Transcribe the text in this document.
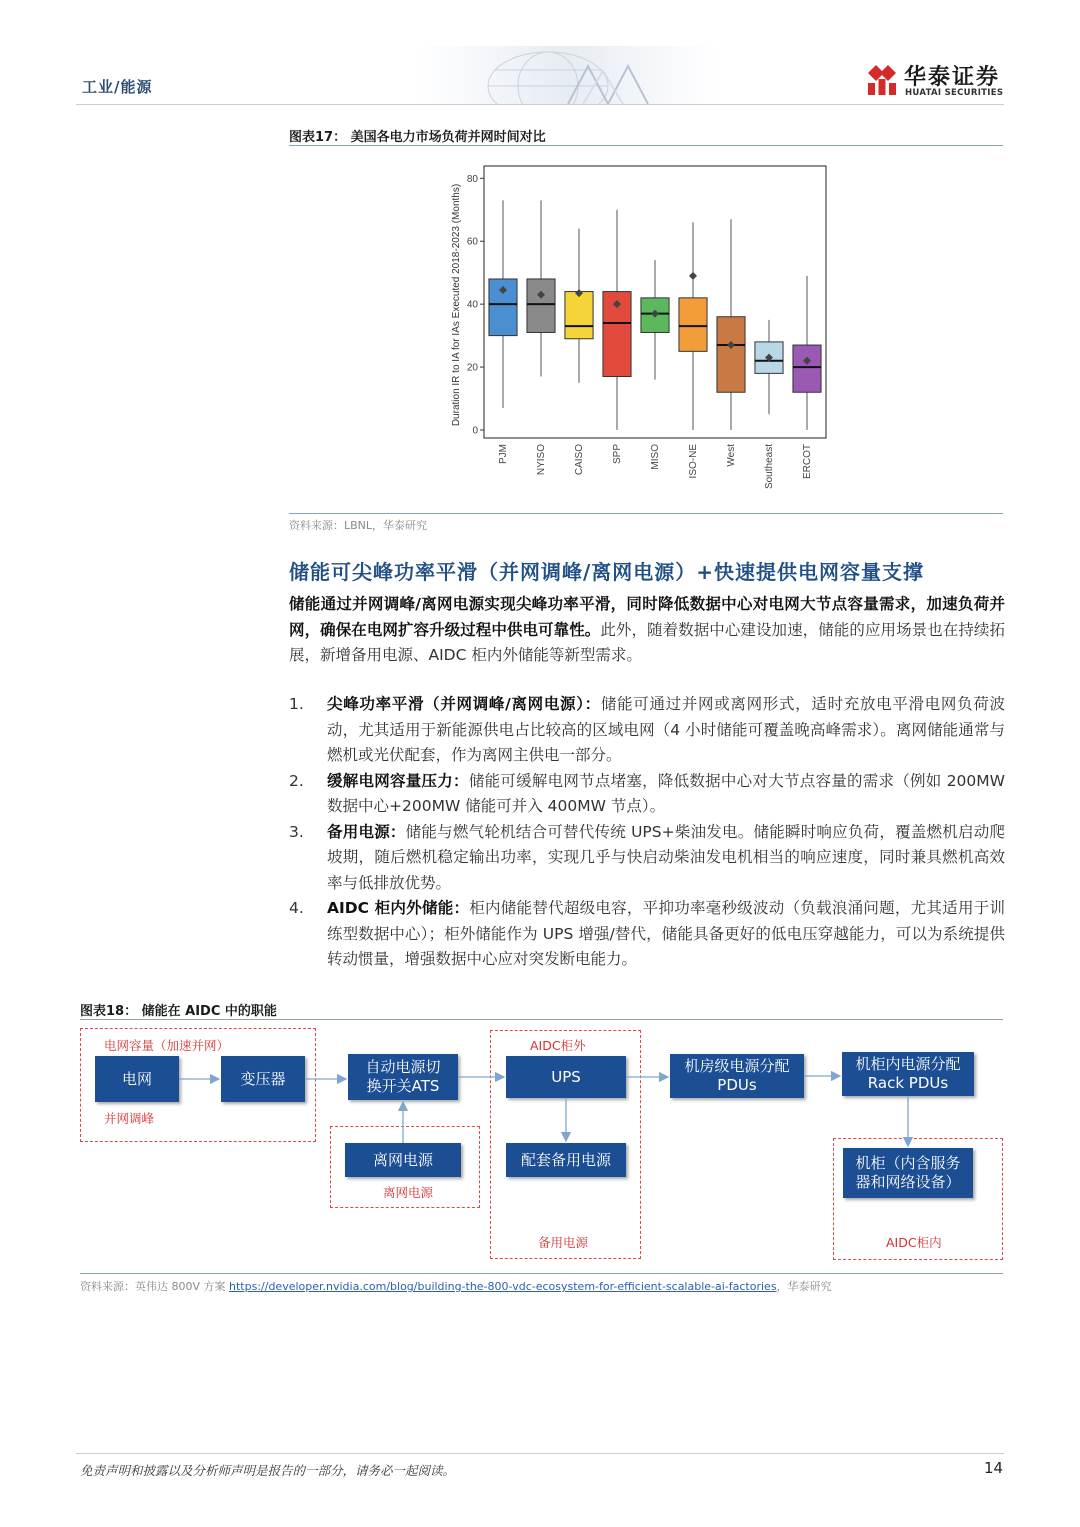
工业/能源	华泰证券
HUATAI SECURITIES
图表17： 美国各电力市场负荷并网时间对比
Duration IR to IA for IAs Executed 2018-2023 (Months)
0
20
40
60
80
PJM	NYISO	CAISO	SPP	MISO	ISO-NE	West	Southeast	ERCOT
资料来源：LBNL，华泰研究
储能可尖峰功率平滑（并网调峰/离网电源）+快速提供电网容量支撑
储能通过并网调峰/离网电源实现尖峰功率平滑，同时降低数据中心对电网大节点容量需求，加速负荷并网，确保在电网扩容升级过程中供电可靠性。此外，随着数据中心建设加速，储能的应用场景也在持续拓展，新增备用电源、AIDC 柜内外储能等新型需求。
1. 尖峰功率平滑（并网调峰/离网电源）：储能可通过并网或离网形式，适时充放电平滑电网负荷波动，尤其适用于新能源供电占比较高的区域电网（4 小时储能可覆盖晚高峰需求）。离网储能通常与燃机或光伏配套，作为离网主供电一部分。
2. 缓解电网容量压力：储能可缓解电网节点堵塞，降低数据中心对大节点容量的需求（例如 200MW 数据中心+200MW 储能可并入 400MW 节点）。
3. 备用电源：储能与燃气轮机结合可替代传统 UPS+柴油发电。储能瞬时响应负荷，覆盖燃机启动爬坡期，随后燃机稳定输出功率，实现几乎与快启动柴油发电机相当的响应速度，同时兼具燃机高效率与低排放优势。
4. AIDC 柜内外储能：柜内储能替代超级电容，平抑功率毫秒级波动（负载浪涌问题，尤其适用于训练型数据中心）；柜外储能作为 UPS 增强/替代，储能具备更好的低电压穿越能力，可以为系统提供转动惯量，增强数据中心应对突发断电能力。
图表18： 储能在 AIDC 中的职能
电网容量（加速并网）
并网调峰
离网电源
AIDC柜外
备用电源	AIDC柜内
电网	变压器
自动电源切
换开关ATS
离网电源
UPS
配套备用电源
机房级电源分配
PDUs
机柜内电源分配
Rack PDUs
机柜（内含服务
器和网络设备）
资料来源：英伟达 800V 方案 https://developer.nvidia.com/blog/building-the-800-vdc-ecosystem-for-efficient-scalable-ai-factories，华泰研究
免责声明和披露以及分析师声明是报告的一部分，请务必一起阅读。	14
